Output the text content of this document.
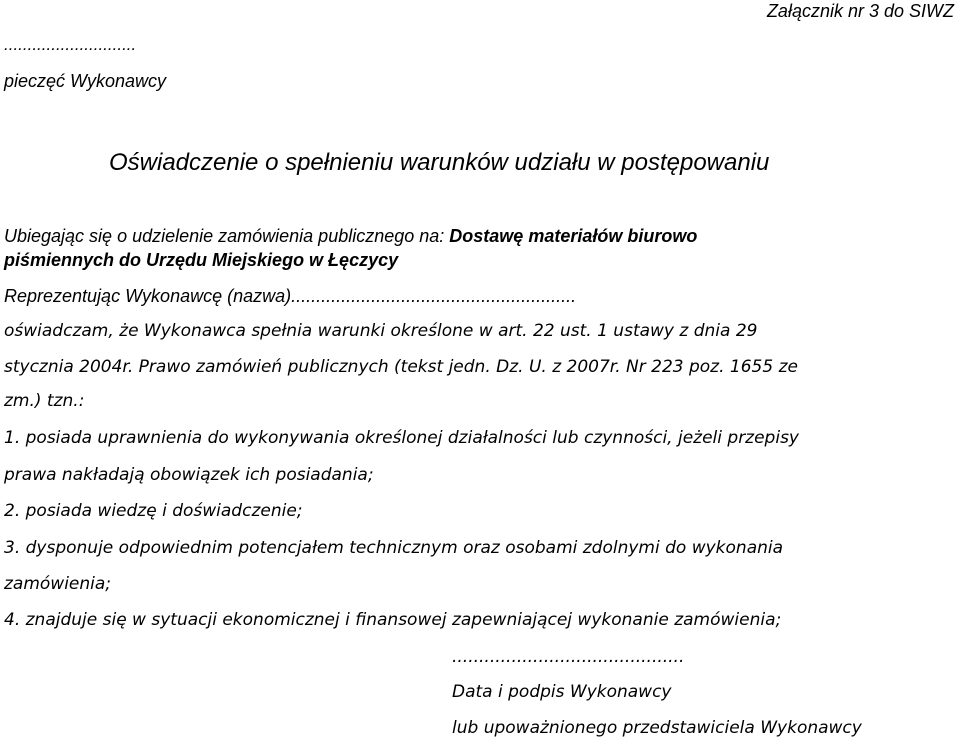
Załącznik nr 3 do SIWZ
............................
pieczęć Wykonawcy
Oświadczenie o spełnieniu warunków udziału w postępowaniu
Ubiegając się o udzielenie zamówienia publicznego na: Dostawę materiałów biurowo
piśmiennych do Urzędu Miejskiego w Łęczycy
Reprezentując Wykonawcę (nazwa).........................................................
oświadczam, że Wykonawca spełnia warunki określone w art. 22 ust. 1 ustawy z dnia 29
stycznia 2004r. Prawo zamówień publicznych (tekst jedn. Dz. U. z 2007r. Nr 223 poz. 1655 ze
zm.) tzn.:
1. posiada uprawnienia do wykonywania określonej działalności lub czynności, jeżeli przepisy
prawa nakładają obowiązek ich posiadania;
2. posiada wiedzę i doświadczenie;
3. dysponuje odpowiednim potencjałem technicznym oraz osobami zdolnymi do wykonania
zamówienia;
4. znajduje się w sytuacji ekonomicznej i finansowej zapewniającej wykonanie zamówienia;
...........................................
Data i podpis Wykonawcy
lub upoważnionego przedstawiciela Wykonawcy
